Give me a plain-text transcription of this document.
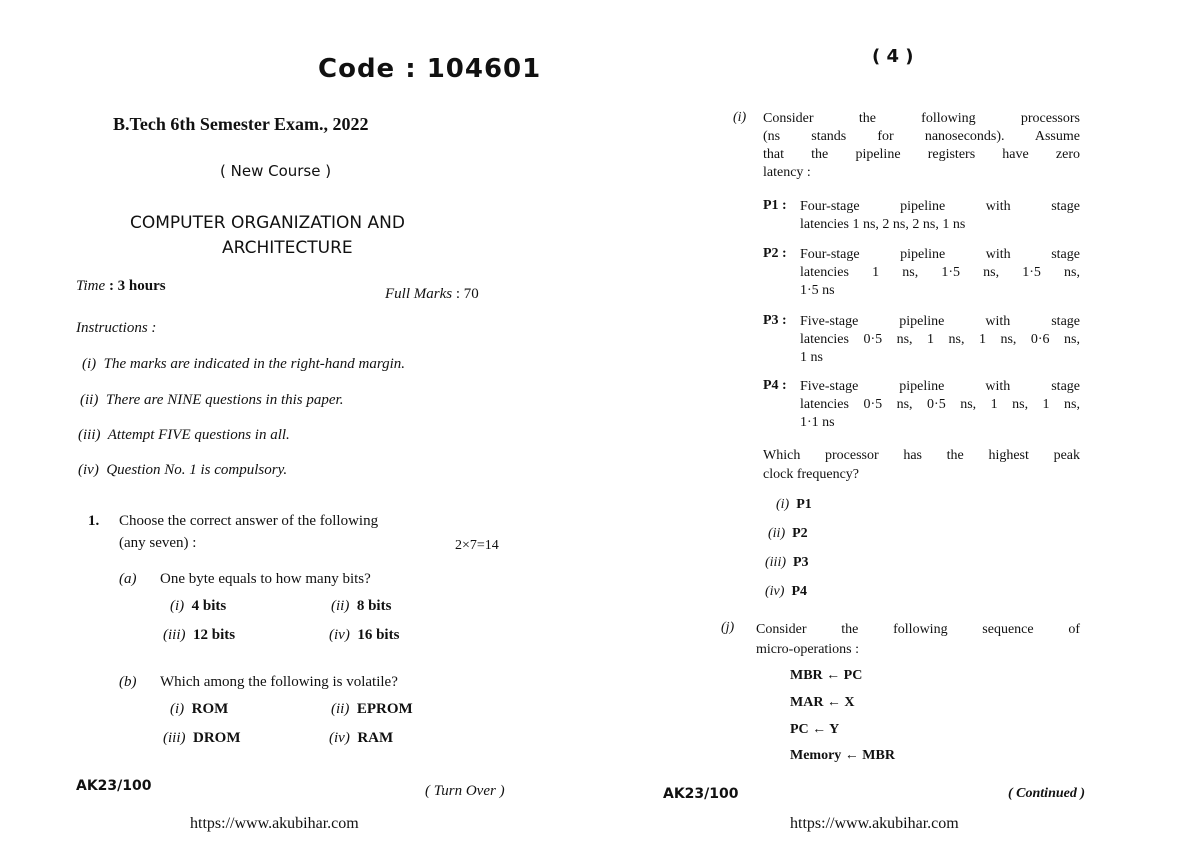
Code : 104601
B.Tech 6th Semester Exam., 2022
( New Course )
COMPUTER ORGANIZATION AND
ARCHITECTURE
Time : 3 hours	Full Marks : 70
Instructions :
(i) The marks are indicated in the right-hand margin.
(ii) There are NINE questions in this paper.
(iii) Attempt FIVE questions in all.
(iv) Question No. 1 is compulsory.
1. Choose the correct answer of the following
(any seven) :	2×7=14
(a) One byte equals to how many bits?
(i) 4 bits	(ii) 8 bits
(iii) 12 bits	(iv) 16 bits
(b) Which among the following is volatile?
(i) ROM	(ii) EPROM
(iii) DROM	(iv) RAM
AK23/100	( Turn Over )
https://www.akubihar.com
( 4 )
(i) Consider the following processors
(ns stands for nanoseconds). Assume
that the pipeline registers have zero
latency :
P1 : Four-stage pipeline with stage
latencies 1 ns, 2 ns, 2 ns, 1 ns
P2 : Four-stage pipeline with stage
latencies 1 ns, 1·5 ns, 1·5 ns,
1·5 ns
P3 : Five-stage pipeline with stage
latencies 0·5 ns, 1 ns, 1 ns, 0·6 ns,
1 ns
P4 : Five-stage pipeline with stage
latencies 0·5 ns, 0·5 ns, 1 ns, 1 ns,
1·1 ns
Which processor has the highest peak
clock frequency?
(i) P1
(ii) P2
(iii) P3
(iv) P4
(j) Consider the following sequence of
micro-operations :
MBR ← PC
MAR ← X
PC ← Y
Memory ← MBR
AK23/100	( Continued )
https://www.akubihar.com
